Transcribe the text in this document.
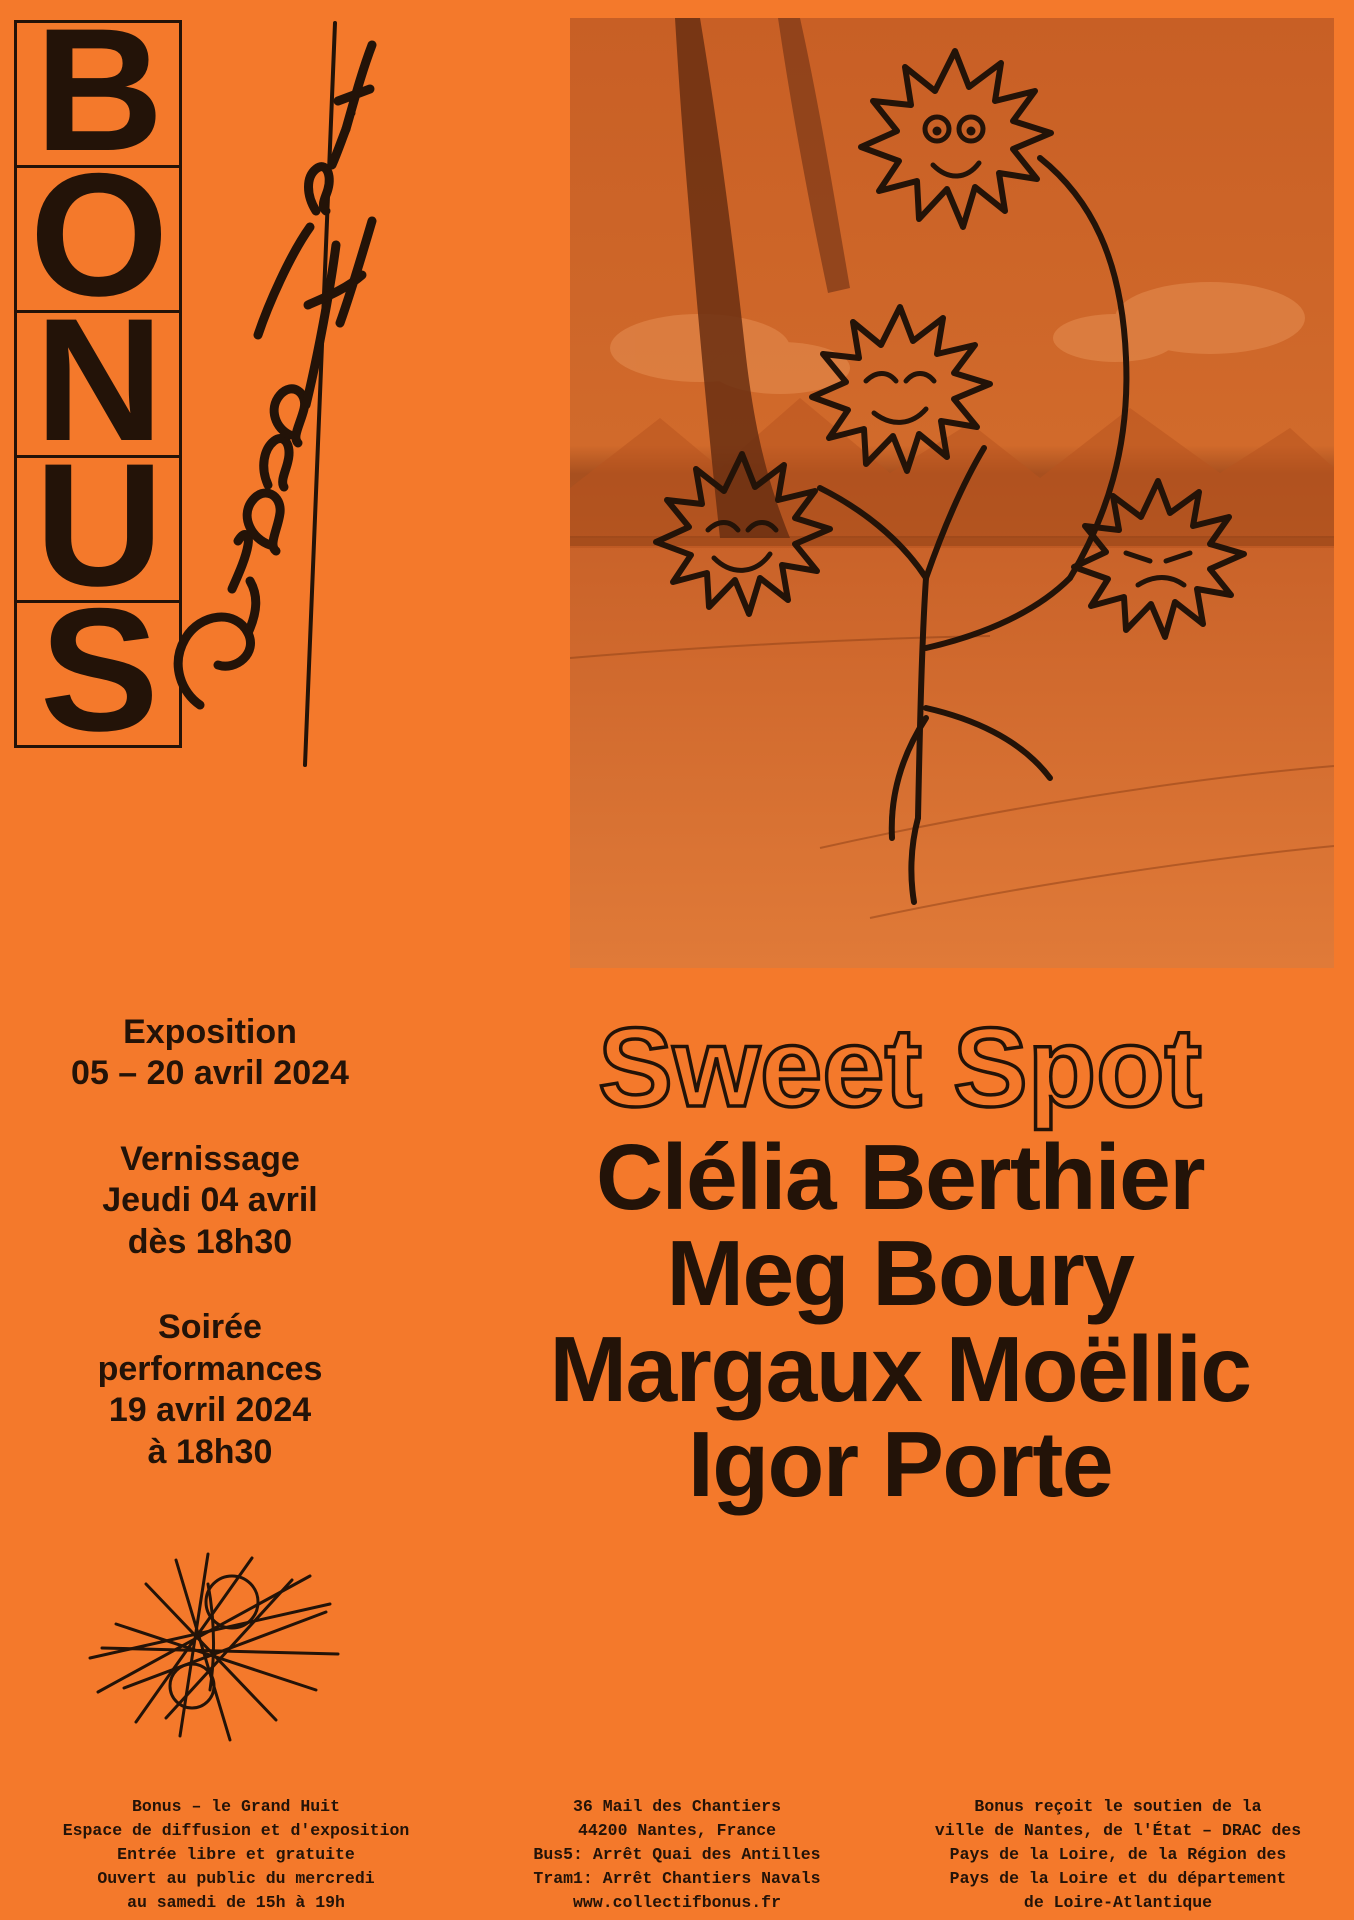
B
O
N
U
S
Exposition
05 – 20 avril 2024
Vernissage
Jeudi 04 avril
dès 18h30
Soirée
performances
19 avril 2024
à 18h30
Sweet Spot
Clélia Berthier
Meg Boury
Margaux Moëllic
Igor Porte
Bonus – le Grand Huit
Espace de diffusion et d'exposition
Entrée libre et gratuite
Ouvert au public du mercredi
au samedi de 15h à 19h
36 Mail des Chantiers
44200 Nantes, France
Bus5: Arrêt Quai des Antilles
Tram1: Arrêt Chantiers Navals
www.collectifbonus.fr
Bonus reçoit le soutien de la
ville de Nantes, de l'État – DRAC des
Pays de la Loire, de la Région des
Pays de la Loire et du département
de Loire-Atlantique
